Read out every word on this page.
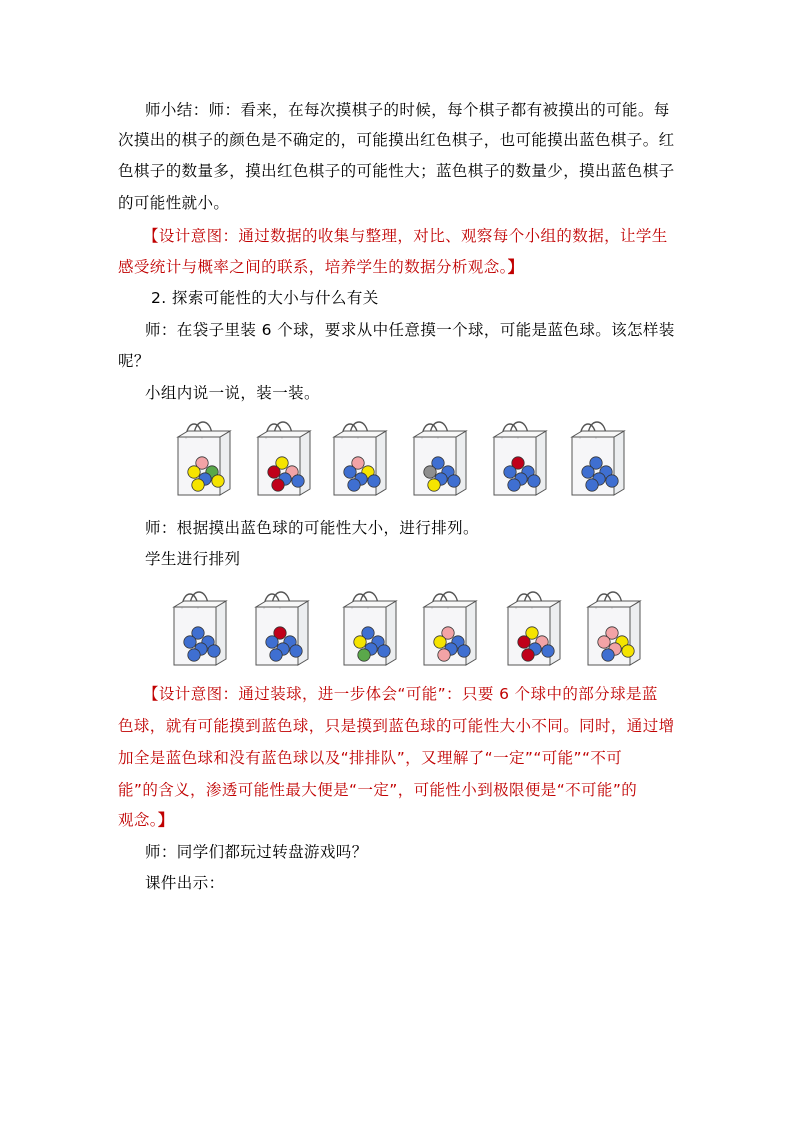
师小结：师：看来，在每次摸棋子的时候，每个棋子都有被摸出的可能。每
次摸出的棋子的颜色是不确定的，可能摸出红色棋子，也可能摸出蓝色棋子。红
色棋子的数量多，摸出红色棋子的可能性大；蓝色棋子的数量少，摸出蓝色棋子
的可能性就小。
【设计意图：通过数据的收集与整理，对比、观察每个小组的数据，让学生
感受统计与概率之间的联系，培养学生的数据分析观念。】
2. 探索可能性的大小与什么有关
师：在袋子里装 6 个球，要求从中任意摸一个球，可能是蓝色球。该怎样装
呢？
小组内说一说，装一装。
师：根据摸出蓝色球的可能性大小，进行排列。
学生进行排列
【设计意图：通过装球，进一步体会“可能”：只要 6 个球中的部分球是蓝
色球，就有可能摸到蓝色球，只是摸到蓝色球的可能性大小不同。同时，通过增
加全是蓝色球和没有蓝色球以及“排排队”，又理解了“一定”“可能”“不可
能”的含义，渗透可能性最大便是“一定”，可能性小到极限便是“不可能”的
观念。】
师：同学们都玩过转盘游戏吗？
课件出示：
